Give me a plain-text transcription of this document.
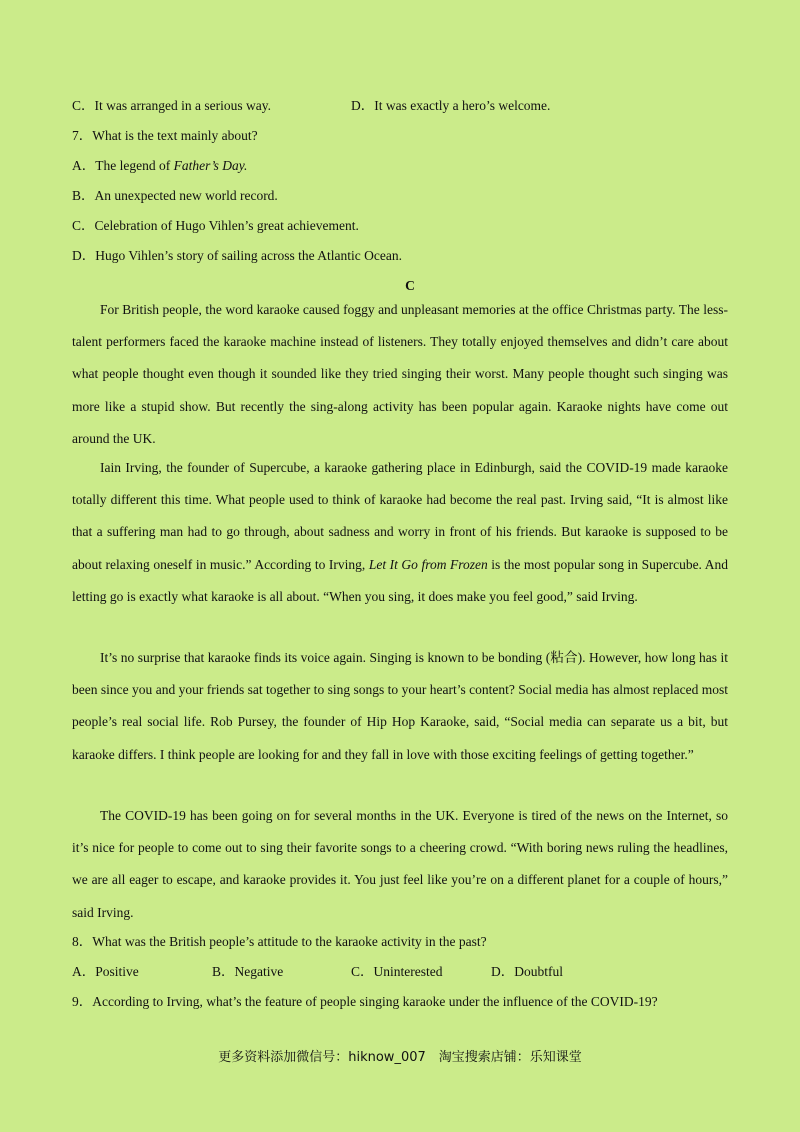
C．It was arranged in a serious way.	D．It was exactly a hero’s welcome.
7．What is the text mainly about?
A．The legend of Father’s Day.
B．An unexpected new world record.
C．Celebration of Hugo Vihlen’s great achievement.
D．Hugo Vihlen’s story of sailing across the Atlantic Ocean.
C
For British people, the word karaoke caused foggy and unpleasant memories at the office Christmas party. The less-talent performers faced the karaoke machine instead of listeners. They totally enjoyed themselves and didn’t care about what people thought even though it sounded like they tried singing their worst. Many people thought such singing was more like a stupid show. But recently the sing-along activity has been popular again. Karaoke nights have come out around the UK.
Iain Irving, the founder of Supercube, a karaoke gathering place in Edinburgh, said the COVID-19 made karaoke totally different this time. What people used to think of karaoke had become the real past. Irving said, “It is almost like that a suffering man had to go through, about sadness and worry in front of his friends. But karaoke is supposed to be about relaxing oneself in music.” According to Irving, Let It Go from Frozen is the most popular song in Supercube. And letting go is exactly what karaoke is all about. “When you sing, it does make you feel good,” said Irving.
It’s no surprise that karaoke finds its voice again. Singing is known to be bonding (粘合). However, how long has it been since you and your friends sat together to sing songs to your heart’s content? Social media has almost replaced most people’s real social life. Rob Pursey, the founder of Hip Hop Karaoke, said, “Social media can separate us a bit, but karaoke differs. I think people are looking for and they fall in love with those exciting feelings of getting together.”
The COVID-19 has been going on for several months in the UK. Everyone is tired of the news on the Internet, so it’s nice for people to come out to sing their favorite songs to a cheering crowd. “With boring news ruling the headlines, we are all eager to escape, and karaoke provides it. You just feel like you’re on a different planet for a couple of hours,” said Irving.
8．What was the British people’s attitude to the karaoke activity in the past?
A．Positive	B．Negative	C．Uninterested	D．Doubtful
9．According to Irving, what’s the feature of people singing karaoke under the influence of the COVID-19?
更多资料添加微信号：hiknow_007　淘宝搜索店铺：乐知课堂
